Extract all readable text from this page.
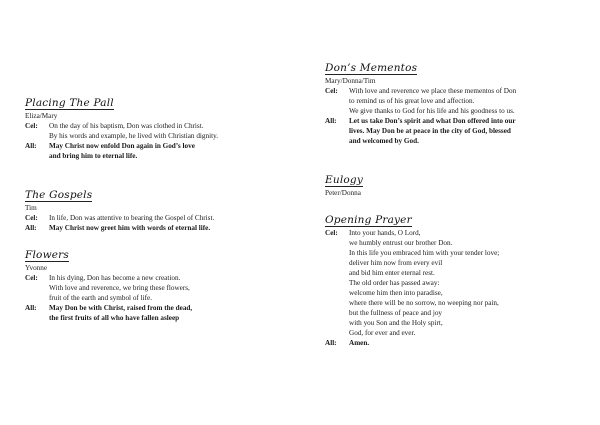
Placing The Pall
Eliza/Mary
Cel:	On the day of his baptism, Don was clothed in Christ.
By his words and example, he lived with Christian dignity.
All:	May Christ now enfold Don again in God’s love
and bring him to eternal life.
The Gospels
Tim
Cel:	In life, Don was attentive to bearing the Gospel of Christ.
All:	May Christ now greet him with words of eternal life.
Flowers
Yvonne
Cel:	In his dying, Don has become a new creation.
With love and reverence, we bring these flowers,
fruit of the earth and symbol of life.
All:	May Don be with Christ, raised from the dead,
the first fruits of all who have fallen asleep
Don’s Mementos
Mary/Donna/Tim
Cel:	With love and reverence we place these mementos of Don
to remind us of his great love and affection.
We give thanks to God for his life and his goodness to us.
All:	Let us take Don’s spirit and what Don offered into our
lives. May Don be at peace in the city of God, blessed
and welcomed by God.
Eulogy
Peter/Donna
Opening Prayer
Cel:	Into your hands, O Lord,
we humbly entrust our brother Don.
In this life you embraced him with your tender love;
deliver him now from every evil
and bid him enter eternal rest.
The old order has passed away:
welcome him then into paradise,
where there will be no sorrow, no weeping nor pain,
but the fullness of peace and joy
with you Son and the Holy spirt,
God, for ever and ever.
All:	Amen.
